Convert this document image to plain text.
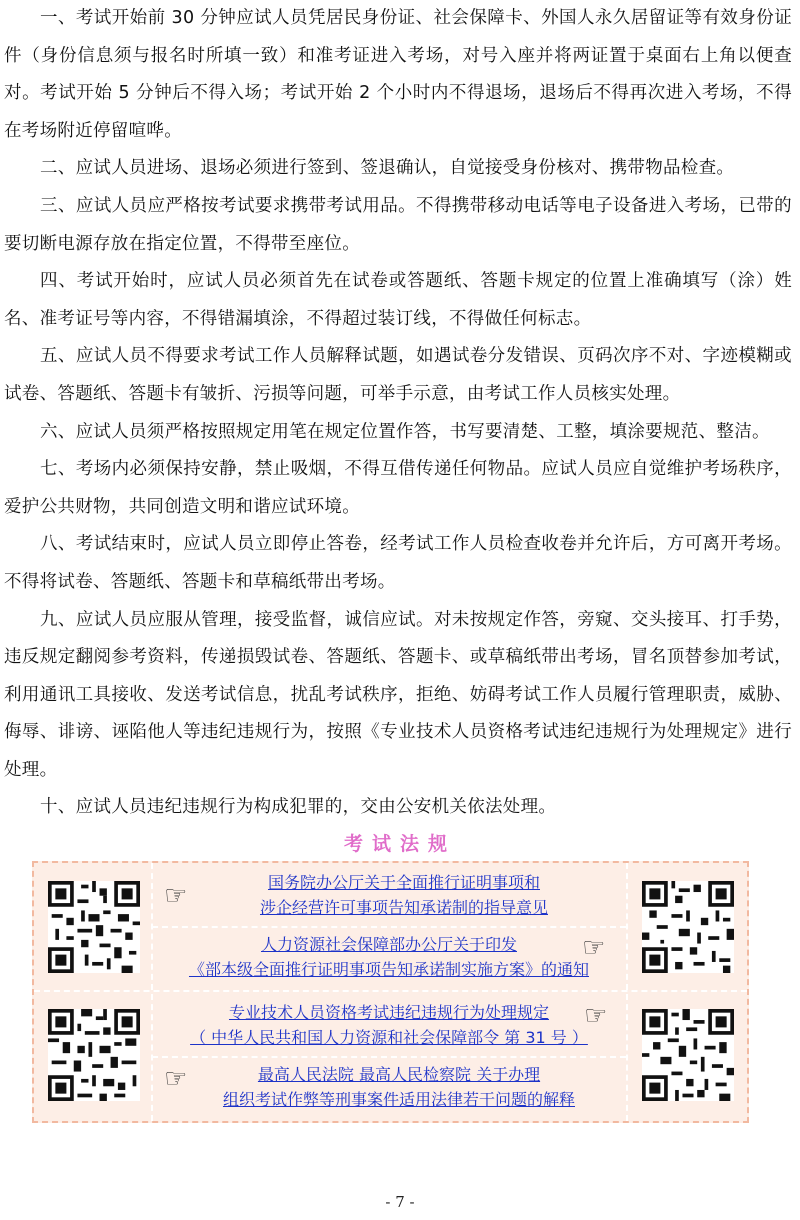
一、考试开始前 30 分钟应试人员凭居民身份证、社会保障卡、外国人永久居留证等有效身份证件（身份信息须与报名时所填一致）和准考证进入考场，对号入座并将两证置于桌面右上角以便查对。考试开始 5 分钟后不得入场；考试开始 2 个小时内不得退场，退场后不得再次进入考场，不得在考场附近停留喧哗。

二、应试人员进场、退场必须进行签到、签退确认，自觉接受身份核对、携带物品检查。

三、应试人员应严格按考试要求携带考试用品。不得携带移动电话等电子设备进入考场，已带的要切断电源存放在指定位置，不得带至座位。

四、考试开始时，应试人员必须首先在试卷或答题纸、答题卡规定的位置上准确填写（涂）姓名、准考证号等内容，不得错漏填涂，不得超过装订线，不得做任何标志。

五、应试人员不得要求考试工作人员解释试题，如遇试卷分发错误、页码次序不对、字迹模糊或试卷、答题纸、答题卡有皱折、污损等问题，可举手示意，由考试工作人员核实处理。

六、应试人员须严格按照规定用笔在规定位置作答，书写要清楚、工整，填涂要规范、整洁。

七、考场内必须保持安静，禁止吸烟，不得互借传递任何物品。应试人员应自觉维护考场秩序，爱护公共财物，共同创造文明和谐应试环境。

八、考试结束时，应试人员立即停止答卷，经考试工作人员检查收卷并允许后，方可离开考场。不得将试卷、答题纸、答题卡和草稿纸带出考场。

九、应试人员应服从管理，接受监督，诚信应试。对未按规定作答，旁窥、交头接耳、打手势，违反规定翻阅参考资料，传递损毁试卷、答题纸、答题卡、或草稿纸带出考场，冒名顶替参加考试，利用通讯工具接收、发送考试信息，扰乱考试秩序，拒绝、妨碍考试工作人员履行管理职责，威胁、侮辱、诽谤、诬陷他人等违纪违规行为，按照《专业技术人员资格考试违纪违规行为处理规定》进行处理。

十、应试人员违纪违规行为构成犯罪的，交由公安机关依法处理。

考试法规
☞	国务院办公厅关于全面推行证明事项和
涉企经营许可事项告知承诺制的指导意见
☞
人力资源社会保障部办公厅关于印发
《部本级全面推行证明事项告知承诺制实施方案》的通知
☞
专业技术人员资格考试违纪违规行为处理规定
（ 中华人民共和国人力资源和社会保障部令 第 31 号 ）
☞	最高人民法院 最高人民检察院 关于办理
组织考试作弊等刑事案件适用法律若干问题的解释
- 7 -
